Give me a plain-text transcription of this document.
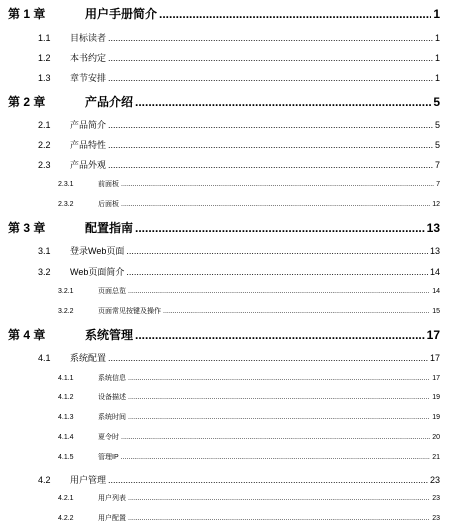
第 1 章	用户手册简介 .....	1
1.1	目标读者 .....	1
1.2	本书约定 .....	1
1.3	章节安排 .....	1
第 2 章	产品介绍 .....	5
2.1	产品简介 .....	5
2.2	产品特性 .....	5
2.3	产品外观 .....	7
2.3.1	前面板 .....	7
2.3.2	后面板 .....	12
第 3 章	配置指南 .....	13
3.1	登录Web页面 .....	13
3.2	Web页面简介 .....	14
3.2.1	页面总览 .....	14
3.2.2	页面常见按键及操作 .....	15
第 4 章	系统管理 .....	17
4.1	系统配置 .....	17
4.1.1	系统信息 .....	17
4.1.2	设备描述 .....	19
4.1.3	系统时间 .....	19
4.1.4	夏令时 .....	20
4.1.5	管理IP .....	21
4.2	用户管理 .....	23
4.2.1	用户列表 .....	23
4.2.2	用户配置 .....	23
